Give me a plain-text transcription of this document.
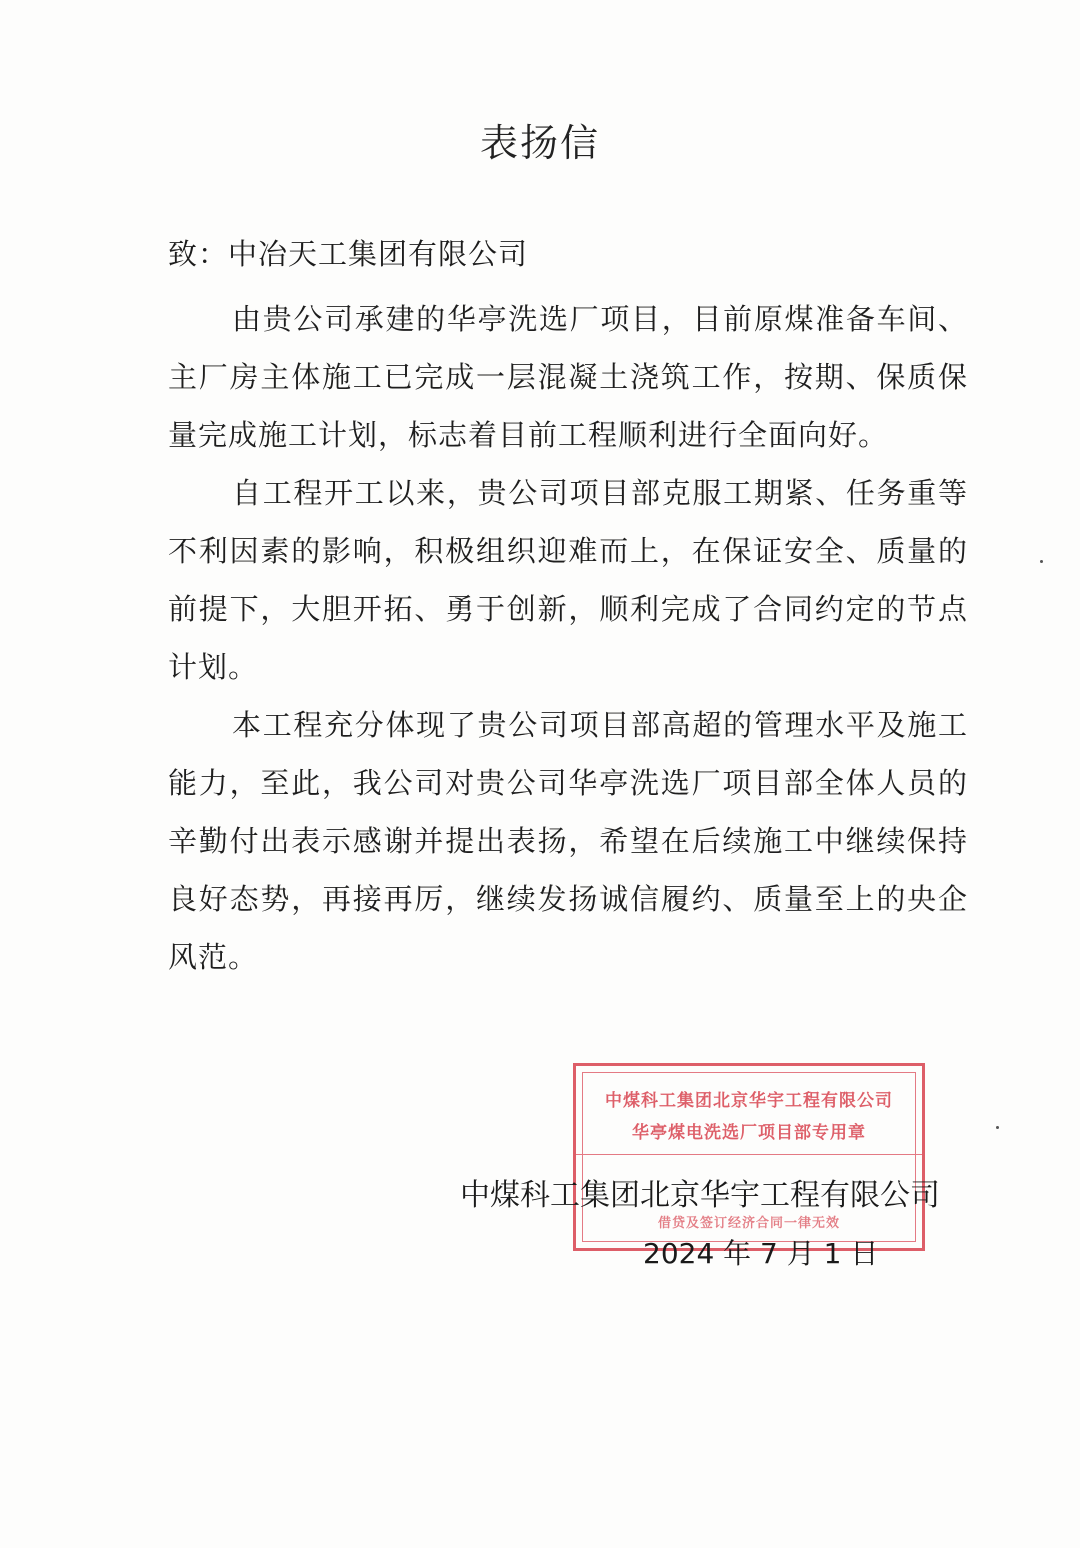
表扬信
致：中冶天工集团有限公司

由贵公司承建的华亭洗选厂项目，目前原煤准备车间、主厂房主体施工已完成一层混凝土浇筑工作，按期、保质保量完成施工计划，标志着目前工程顺利进行全面向好。

自工程开工以来，贵公司项目部克服工期紧、任务重等不利因素的影响，积极组织迎难而上，在保证安全、质量的前提下，大胆开拓、勇于创新，顺利完成了合同约定的节点计划。

本工程充分体现了贵公司项目部高超的管理水平及施工能力，至此，我公司对贵公司华亭洗选厂项目部全体人员的辛勤付出表示感谢并提出表扬，希望在后续施工中继续保持良好态势，再接再厉，继续发扬诚信履约、质量至上的央企风范。

中煤科工集团北京华宇工程有限公司
华亭煤电洗选厂项目部专用章
借贷及签订经济合同一律无效
中煤科工集团北京华宇工程有限公司
2024 年 7 月 1 日
